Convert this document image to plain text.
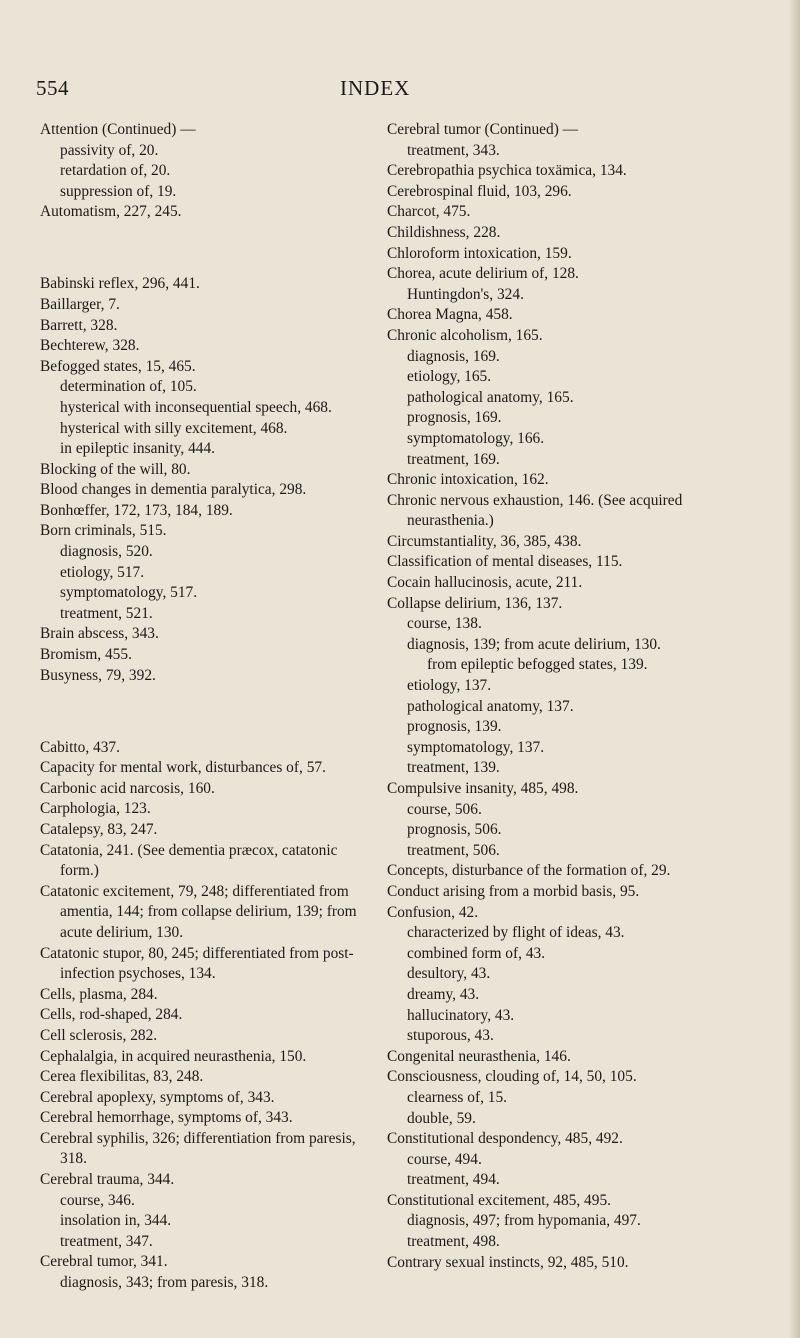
554	INDEX

Attention (Continued) —

passivity of, 20.

retardation of, 20.

suppression of, 19.

Automatism, 227, 245.

Babinski reflex, 296, 441.

Baillarger, 7.

Barrett, 328.

Bechterew, 328.

Befogged states, 15, 465.

determination of, 105.

hysterical with inconsequential speech, 468.

hysterical with silly excitement, 468.

in epileptic insanity, 444.

Blocking of the will, 80.

Blood changes in dementia paralytica, 298.

Bonhœffer, 172, 173, 184, 189.

Born criminals, 515.

diagnosis, 520.

etiology, 517.

symptomatology, 517.

treatment, 521.

Brain abscess, 343.

Bromism, 455.

Busyness, 79, 392.

Cabitto, 437.

Capacity for mental work, disturbances of, 57.

Carbonic acid narcosis, 160.

Carphologia, 123.

Catalepsy, 83, 247.

Catatonia, 241. (See dementia præcox, catatonic form.)

Catatonic excitement, 79, 248; differentiated from amentia, 144; from collapse delirium, 139; from acute delirium, 130.

Catatonic stupor, 80, 245; differentiated from post-infection psychoses, 134.

Cells, plasma, 284.

Cells, rod-shaped, 284.

Cell sclerosis, 282.

Cephalalgia, in acquired neurasthenia, 150.

Cerea flexibilitas, 83, 248.

Cerebral apoplexy, symptoms of, 343.

Cerebral hemorrhage, symptoms of, 343.

Cerebral syphilis, 326; differentiation from paresis, 318.

Cerebral trauma, 344.

course, 346.

insolation in, 344.

treatment, 347.

Cerebral tumor, 341.

diagnosis, 343; from paresis, 318.

Cerebral tumor (Continued) —

treatment, 343.

Cerebropathia psychica toxämica, 134.

Cerebrospinal fluid, 103, 296.

Charcot, 475.

Childishness, 228.

Chloroform intoxication, 159.

Chorea, acute delirium of, 128.

Huntingdon's, 324.

Chorea Magna, 458.

Chronic alcoholism, 165.

diagnosis, 169.

etiology, 165.

pathological anatomy, 165.

prognosis, 169.

symptomatology, 166.

treatment, 169.

Chronic intoxication, 162.

Chronic nervous exhaustion, 146. (See acquired neurasthenia.)

Circumstantiality, 36, 385, 438.

Classification of mental diseases, 115.

Cocain hallucinosis, acute, 211.

Collapse delirium, 136, 137.

course, 138.

diagnosis, 139; from acute delirium, 130.

from epileptic befogged states, 139.

etiology, 137.

pathological anatomy, 137.

prognosis, 139.

symptomatology, 137.

treatment, 139.

Compulsive insanity, 485, 498.

course, 506.

prognosis, 506.

treatment, 506.

Concepts, disturbance of the formation of, 29.

Conduct arising from a morbid basis, 95.

Confusion, 42.

characterized by flight of ideas, 43.

combined form of, 43.

desultory, 43.

dreamy, 43.

hallucinatory, 43.

stuporous, 43.

Congenital neurasthenia, 146.

Consciousness, clouding of, 14, 50, 105.

clearness of, 15.

double, 59.

Constitutional despondency, 485, 492.

course, 494.

treatment, 494.

Constitutional excitement, 485, 495.

diagnosis, 497; from hypomania, 497.

treatment, 498.

Contrary sexual instincts, 92, 485, 510.
